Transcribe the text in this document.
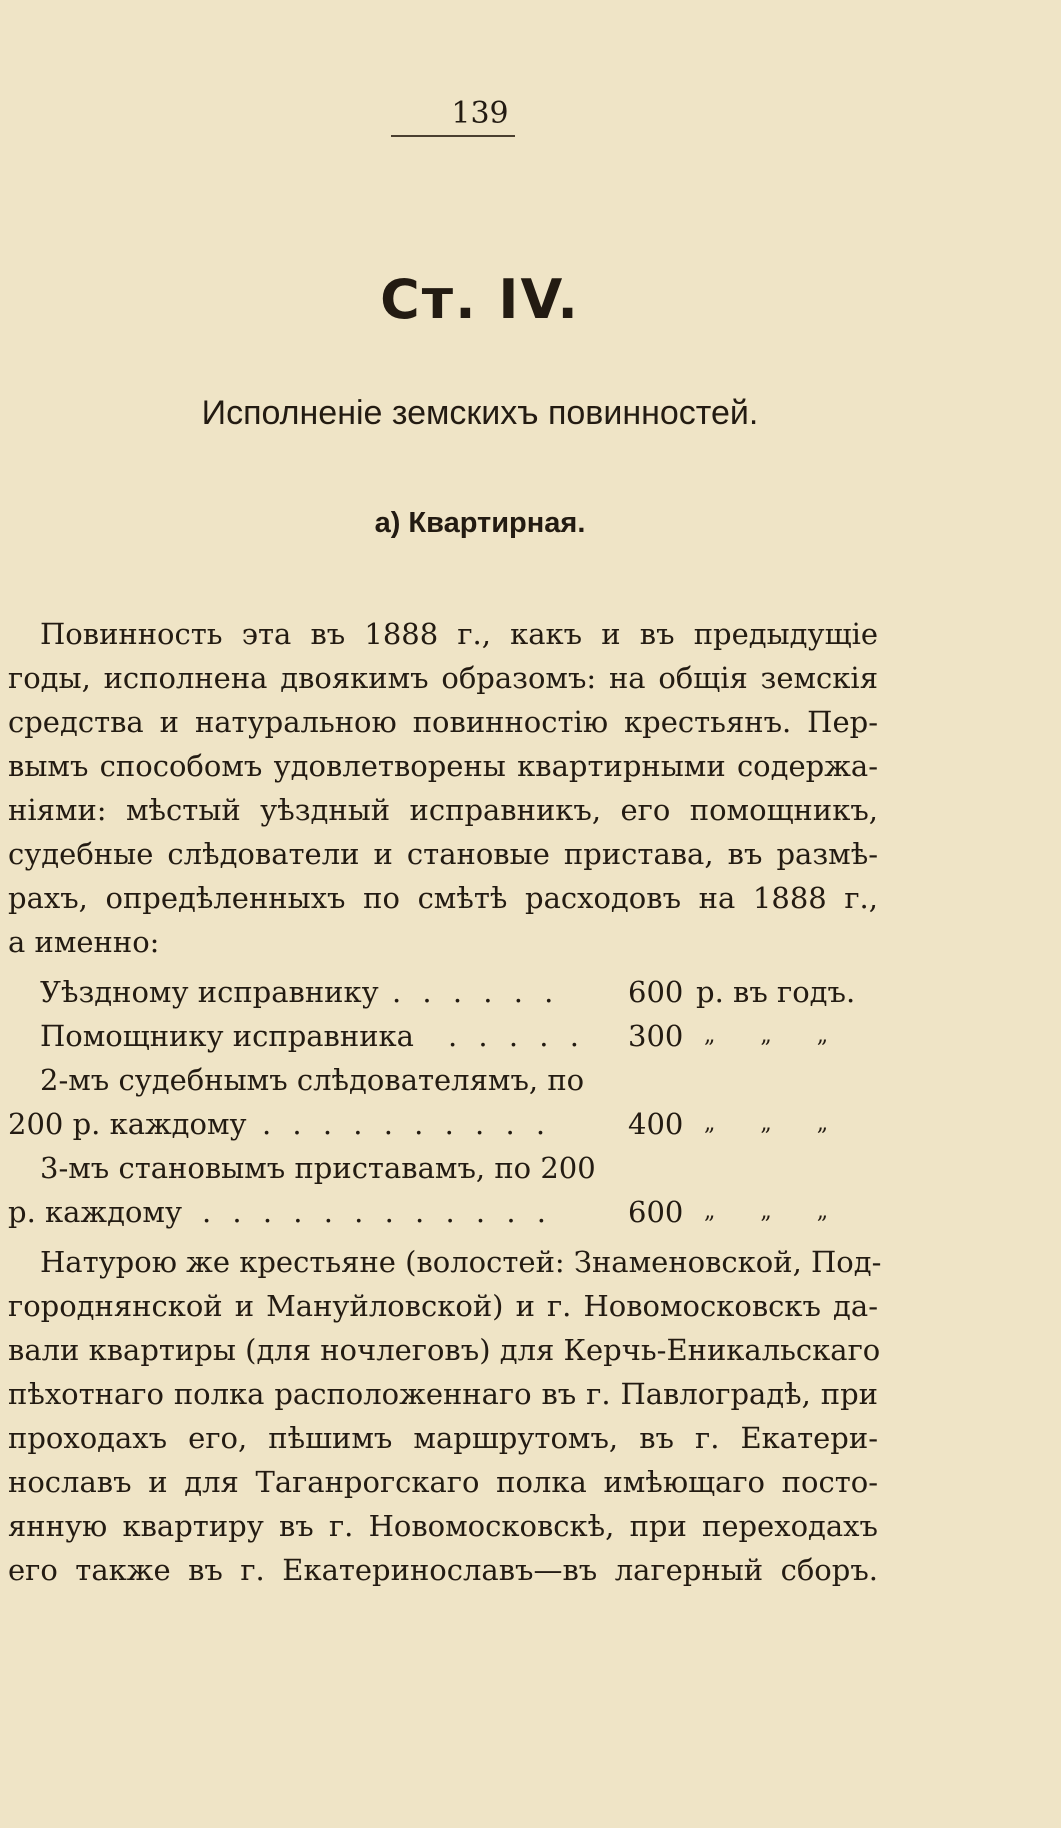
139
Ст. IV.
Исполненіе земскихъ повинностей.
а) Квартирная.
Повинность эта въ 1888 г., какъ и въ предыдущіе
годы, исполнена двоякимъ образомъ: на общія земскія
средства и натуральною повинностію крестьянъ. Пер-
вымъ способомъ удовлетворены квартирными содержа-
ніями: мѣстый уѣздный исправникъ, его помощникъ,
судебные слѣдователи и становые пристава, въ размѣ-
рахъ, опредѣленныхъ по смѣтѣ расходовъ на 1888 г.,
а именно:
Уѣздному исправнику . . . . . . 600 р. въ годъ.
Помощнику исправника . . . . . 300 „ „ „
2-мъ судебнымъ слѣдователямъ, по
200 р. каждому . . . . . . . . . .	400 „ „ „
3-мъ становымъ приставамъ, по 200
р. каждому . . . . . . . . . . . .	600 „ „ „
Натурою же крестьяне (волостей: Знаменовской, Под-
городнянской и Мануйловской) и г. Новомосковскъ да-
вали квартиры (для ночлеговъ) для Керчь-Еникальскаго
пѣхотнаго полка расположеннаго въ г. Павлоградѣ, при
проходахъ его, пѣшимъ маршрутомъ, въ г. Екатери-
нославъ и для Таганрогскаго полка имѣющаго посто-
янную квартиру въ г. Новомосковскѣ, при переходахъ
его также въ г. Екатеринославъ—въ лагерный сборъ.
